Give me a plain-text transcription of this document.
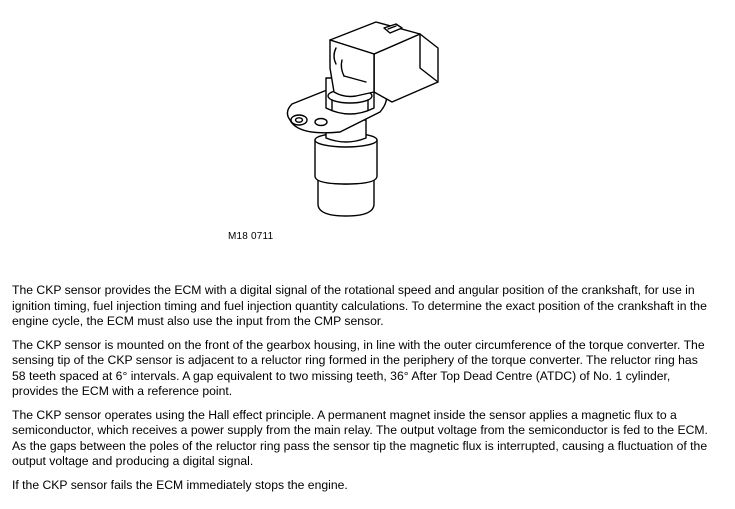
M18 0711

The CKP sensor provides the ECM with a digital signal of the rotational speed and angular position of the crankshaft, for use in ignition timing, fuel injection timing and fuel injection quantity calculations. To determine the exact position of the crankshaft in the engine cycle, the ECM must also use the input from the CMP sensor.

The CKP sensor is mounted on the front of the gearbox housing, in line with the outer circumference of the torque converter. The sensing tip of the CKP sensor is adjacent to a reluctor ring formed in the periphery of the torque converter. The reluctor ring has 58 teeth spaced at 6° intervals. A gap equivalent to two missing teeth, 36° After Top Dead Centre (ATDC) of No. 1 cylinder, provides the ECM with a reference point.

The CKP sensor operates using the Hall effect principle. A permanent magnet inside the sensor applies a magnetic flux to a semiconductor, which receives a power supply from the main relay. The output voltage from the semiconductor is fed to the ECM. As the gaps between the poles of the reluctor ring pass the sensor tip the magnetic flux is interrupted, causing a fluctuation of the output voltage and producing a digital signal.

If the CKP sensor fails the ECM immediately stops the engine.
